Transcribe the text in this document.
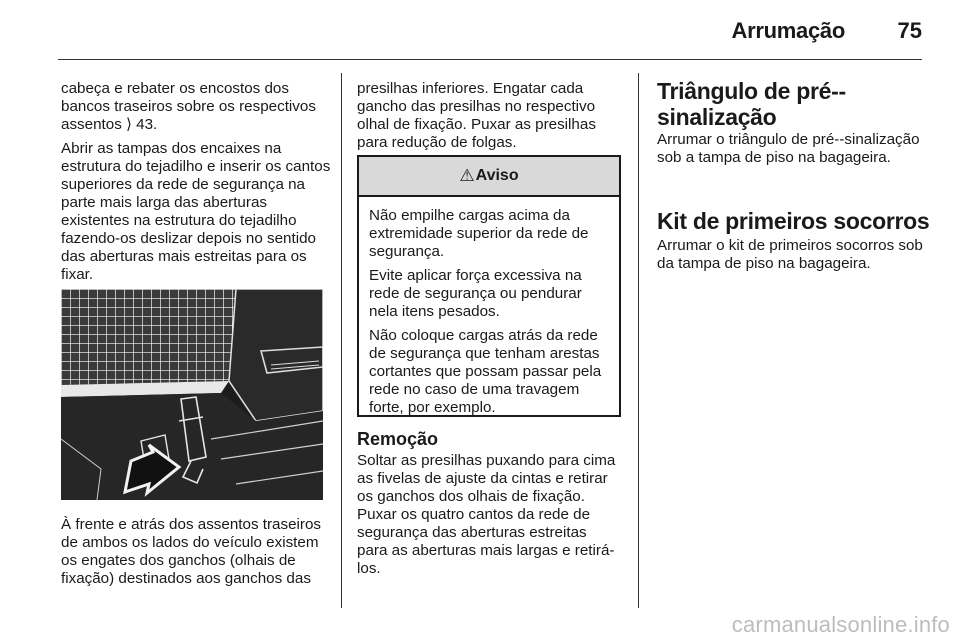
Arrumação	75

cabeça e rebater os encostos dos bancos traseiros sobre os respectivos assentos ⟩ 43.

Abrir as tampas dos encaixes na estrutura do tejadilho e inserir os cantos superiores da rede de segurança na parte mais larga das aberturas existentes na estrutura do tejadilho fazendo-os deslizar depois no sentido das aberturas mais estreitas para os fixar.

À frente e atrás dos assentos traseiros de ambos os lados do veículo existem os engates dos ganchos (olhais de fixação) destinados aos ganchos das

presilhas inferiores. Engatar cada gancho das presilhas no respectivo olhal de fixação. Puxar as presilhas para redução de folgas.

⚠ Aviso

Não empilhe cargas acima da extremidade superior da rede de segurança.

Evite aplicar força excessiva na rede de segurança ou pendurar nela itens pesados.

Não coloque cargas atrás da rede de segurança que tenham arestas cortantes que possam passar pela rede no caso de uma travagem forte, por exemplo.

Remoção

Soltar as presilhas puxando para cima as fivelas de ajuste da cintas e retirar os ganchos dos olhais de fixação. Puxar os quatro cantos da rede de segurança das aberturas estreitas para as aberturas mais largas e retirá-los.

Triângulo de pré--sinalização

Arrumar o triângulo de pré--sinalização sob a tampa de piso na bagageira.

Kit de primeiros socorros

Arrumar o kit de primeiros socorros sob da tampa de piso na bagageira.

carmanualsonline.info
